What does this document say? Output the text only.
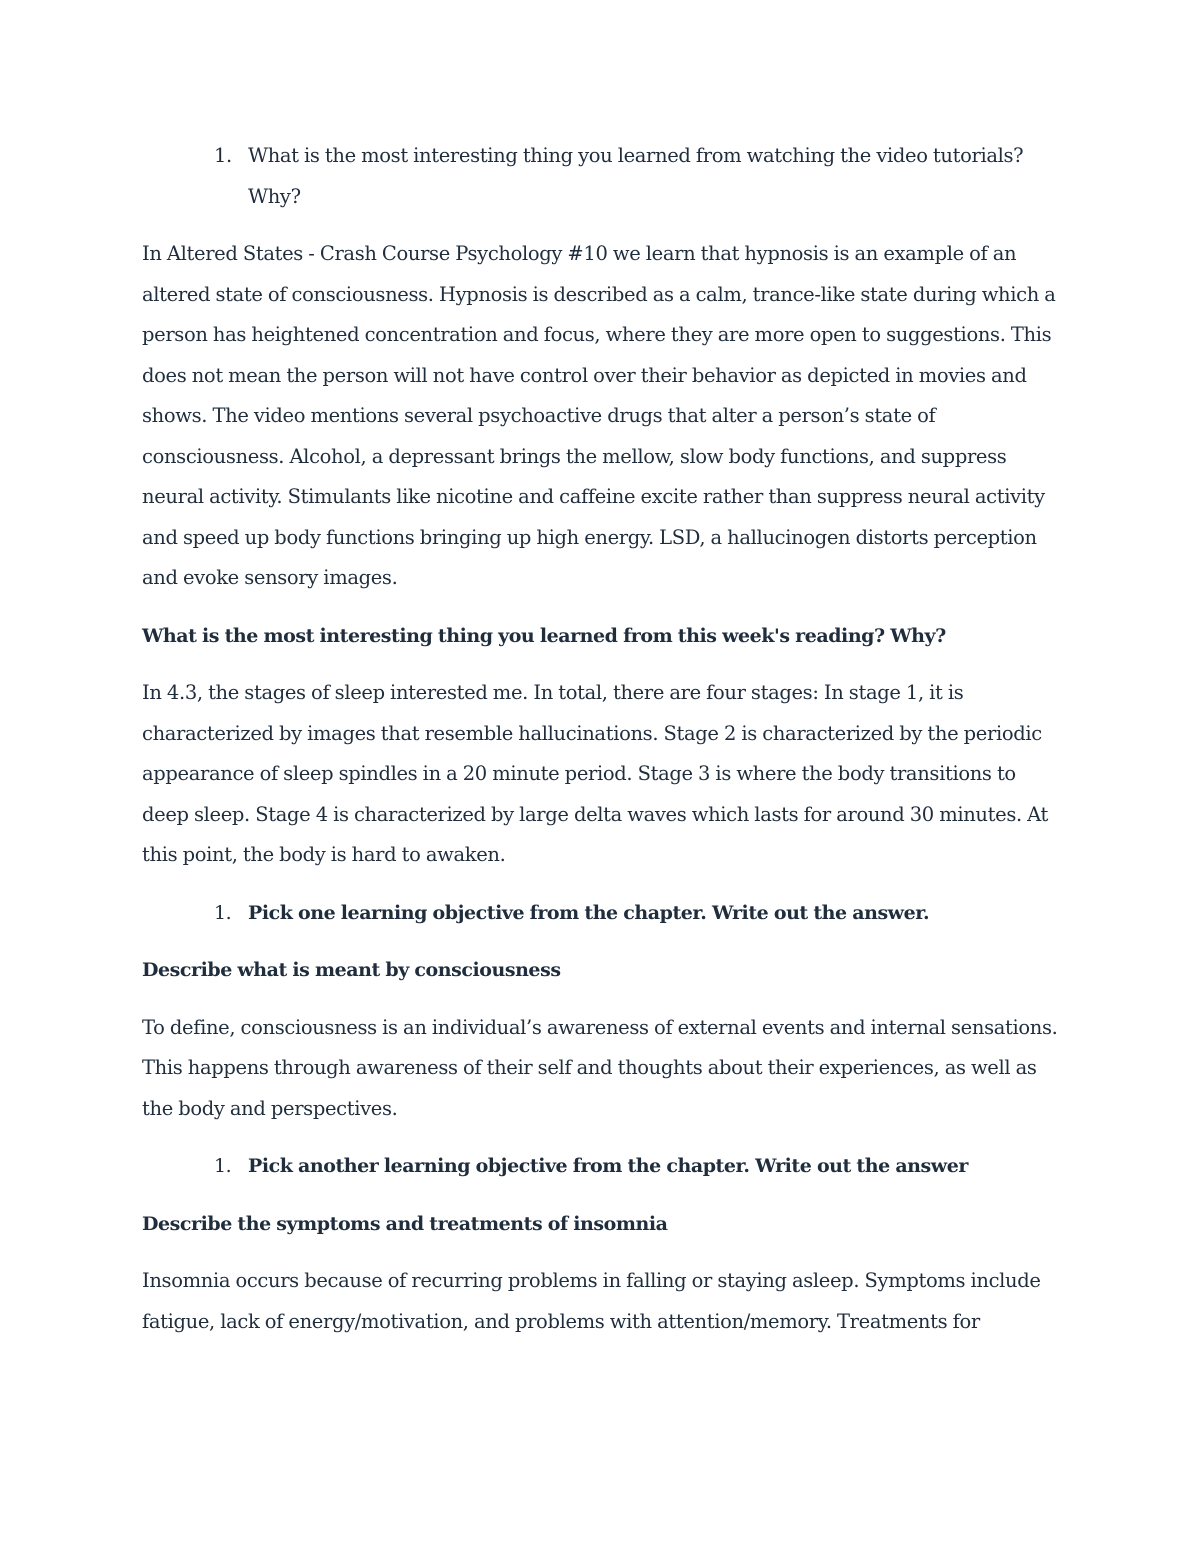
1. What is the most interesting thing you learned from watching the video tutorials? Why?

In Altered States - Crash Course Psychology #10 we learn that hypnosis is an example of an altered state of consciousness. Hypnosis is described as a calm, trance-like state during which a person has heightened concentration and focus, where they are more open to suggestions. This does not mean the person will not have control over their behavior as depicted in movies and shows. The video mentions several psychoactive drugs that alter a person’s state of consciousness. Alcohol, a depressant brings the mellow, slow body functions, and suppress neural activity. Stimulants like nicotine and caffeine excite rather than suppress neural activity and speed up body functions bringing up high energy. LSD, a hallucinogen distorts perception and evoke sensory images.

What is the most interesting thing you learned from this week's reading? Why?

In 4.3, the stages of sleep interested me. In total, there are four stages: In stage 1, it is characterized by images that resemble hallucinations. Stage 2 is characterized by the periodic appearance of sleep spindles in a 20 minute period. Stage 3 is where the body transitions to deep sleep. Stage 4 is characterized by large delta waves which lasts for around 30 minutes. At this point, the body is hard to awaken.

1. Pick one learning objective from the chapter. Write out the answer.

Describe what is meant by consciousness

To define, consciousness is an individual’s awareness of external events and internal sensations. This happens through awareness of their self and thoughts about their experiences, as well as the body and perspectives.

1. Pick another learning objective from the chapter. Write out the answer

Describe the symptoms and treatments of insomnia

Insomnia occurs because of recurring problems in falling or staying asleep. Symptoms include fatigue, lack of energy/motivation, and problems with attention/memory. Treatments for
